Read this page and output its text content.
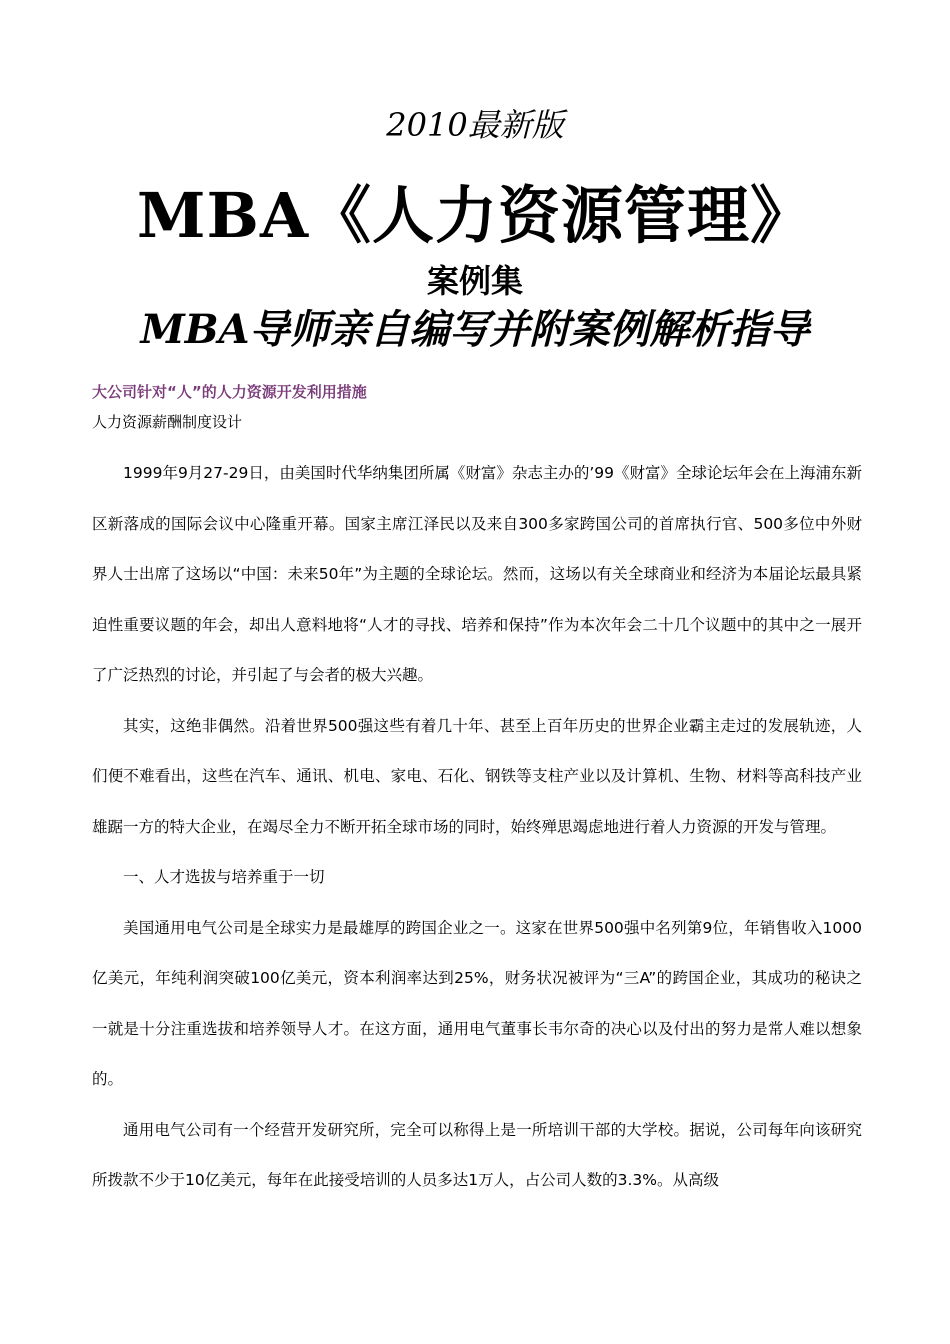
2010最新版
MBA《人力资源管理》
案例集
MBA导师亲自编写并附案例解析指导
大公司针对“人”的人力资源开发利用措施
人力资源薪酬制度设计

1999年9月27-29日，由美国时代华纳集团所属《财富》杂志主办的’99《财富》全球论坛年会在上海浦东新区新落成的国际会议中心隆重开幕。国家主席江泽民以及来自300多家跨国公司的首席执行官、500多位中外财界人士出席了这场以“中国：未来50年”为主题的全球论坛。然而，这场以有关全球商业和经济为本届论坛最具紧迫性重要议题的年会，却出人意料地将“人才的寻找、培养和保持”作为本次年会二十几个议题中的其中之一展开了广泛热烈的讨论，并引起了与会者的极大兴趣。

其实，这绝非偶然。沿着世界500强这些有着几十年、甚至上百年历史的世界企业霸主走过的发展轨迹，人们便不难看出，这些在汽车、通讯、机电、家电、石化、钢铁等支柱产业以及计算机、生物、材料等高科技产业雄踞一方的特大企业，在竭尽全力不断开拓全球市场的同时，始终殚思竭虑地进行着人力资源的开发与管理。

一、人才选拔与培养重于一切

美国通用电气公司是全球实力是最雄厚的跨国企业之一。这家在世界500强中名列第9位，年销售收入1000亿美元，年纯利润突破100亿美元，资本利润率达到25%，财务状况被评为“三A”的跨国企业，其成功的秘诀之一就是十分注重选拔和培养领导人才。在这方面，通用电气董事长韦尔奇的决心以及付出的努力是常人难以想象的。

通用电气公司有一个经营开发研究所，完全可以称得上是一所培训干部的大学校。据说，公司每年向该研究所拨款不少于10亿美元，每年在此接受培训的人员多达1万人，占公司人数的3.3%。从高级
